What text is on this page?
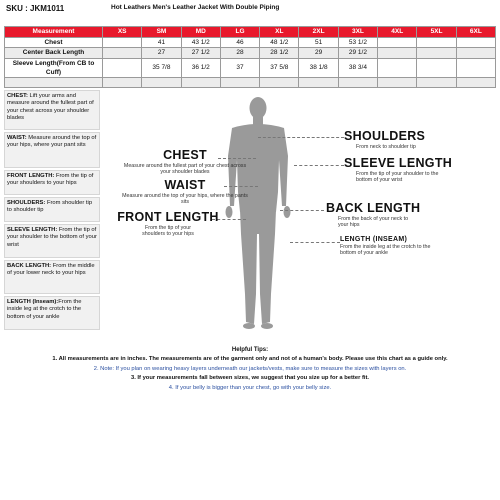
SKU : JKM1011	Hot Leathers Men's Leather Jacket With Double Piping
Measurement	XS	SM	MD	LG	XL	2XL	3XL	4XL	5XL	6XL
Chest		41	43 1/2	46	48 1/2	51	53 1/2			
Center Back Length		27	27 1/2	28	28 1/2	29	29 1/2			
Sleeve Length(From CB to Cuff)		35 7/8	36 1/2	37	37 5/8	38 1/8	38 3/4			

CHEST: Lift your arms and measure around the fullest part of your chest across your shoulder blades
WAIST: Measure around the top of your hips, where your pant sits
FRONT LENGTH: From the tip of your shoulders to your hips
SHOULDERS: From shoulder tip to shoulder tip
SLEEVE LENGTH: From the tip of your shoulder to the bottom of your wrist
BACK LENGTH: From the middle of your lower neck to your hips
LENGTH (Inseam):From the inside leg at the crotch to the bottom of your ankle
CHEST
Measure around the fullest part of your chest across your shoulder blades
WAIST
Measure around the top of your hips, where the pants sits
FRONT LENGTH
From the tip of your shoulders to your hips
SHOULDERS
From neck to shoulder tip
SLEEVE LENGTH
From the tip of your shoulder to the bottom of your wrist
BACK LENGTH
From the back of your neck to your hips
LENGTH (INSEAM)
From the inside leg at the crotch to the bottom of your ankle
Helpful Tips:
1. All measurements are in inches. The measurements are of the garment only and not of a human's body. Please use this chart as a guide only.
2. Note: If you plan on wearing heavy layers underneath our jackets/vests, make sure to measure the sizes with layers on.
3. If your measurements fall between sizes, we suggest that you size up for a better fit.
4. If your belly is bigger than your chest, go with your belly size.
